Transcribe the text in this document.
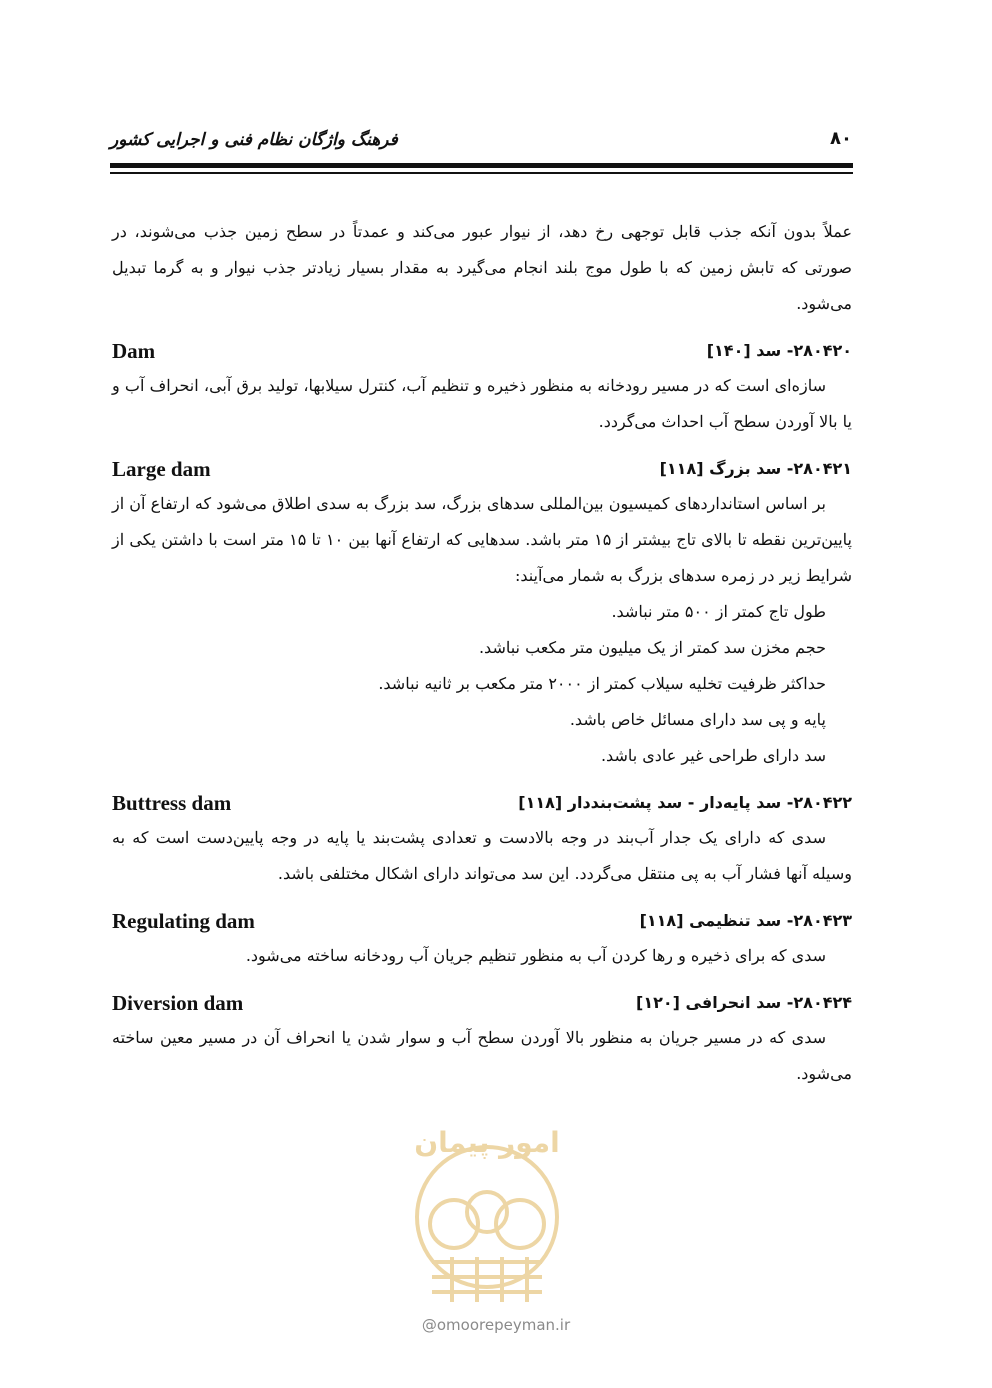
فرهنگ واژگان نظام فنی و اجرایی کشور	۸۰

عملاً بدون آنکه جذب قابل توجهی رخ دهد، از نیوار عبور می‌کند و عمدتاً در سطح زمین جذب می‌شوند، در صورتی که تابش زمین که با طول موج بلند انجام می‌گیرد به مقدار بسیار زیادتر جذب نیوار و به گرما تبدیل می‌شود.

۲۸۰۴۲۰- سد [۱۴۰]
Dam

سازه‌ای است که در مسیر رودخانه به منظور ذخیره و تنظیم آب، کنترل سیلابها، تولید برق آبی، انحراف آب و یا بالا آوردن سطح آب احداث می‌گردد.

۲۸۰۴۲۱- سد بزرگ [۱۱۸]
Large dam

بر اساس استانداردهای کمیسیون بین‌المللی سدهای بزرگ، سد بزرگ به سدی اطلاق می‌شود که ارتفاع آن از پایین‌ترین نقطه تا بالای تاج بیشتر از ۱۵ متر باشد. سدهایی که ارتفاع آنها بین ۱۰ تا ۱۵ متر است با داشتن یکی از شرایط زیر در زمره سدهای بزرگ به شمار می‌آیند:

طول تاج کمتر از ۵۰۰ متر نباشد.
حجم مخزن سد کمتر از یک میلیون متر مکعب نباشد.
حداکثر ظرفیت تخلیه سیلاب کمتر از ۲۰۰۰ متر مکعب بر ثانیه نباشد.
پایه و پی سد دارای مسائل خاص باشد.
سد دارای طراحی غیر عادی باشد.
۲۸۰۴۲۲- سد پایه‌دار - سد پشت‌بنددار [۱۱۸]
Buttress dam

سدی که دارای یک جدار آب‌بند در وجه بالادست و تعدادی پشت‌بند یا پایه در وجه پایین‌دست است که به وسیله آنها فشار آب به پی منتقل می‌گردد. این سد می‌تواند دارای اشکال مختلفی باشد.

۲۸۰۴۲۳- سد تنظیمی [۱۱۸]
Regulating dam

سدی که برای ذخیره و رها کردن آب به منظور تنظیم جریان آب رودخانه ساخته می‌شود.

۲۸۰۴۲۴- سد انحرافی [۱۲۰]
Diversion dam

سدی که در مسیر جریان به منظور بالا آوردن سطح آب و سوار شدن یا انحراف آن در مسیر معین ساخته می‌شود.

امور پیمان
@omoorepeyman.ir
